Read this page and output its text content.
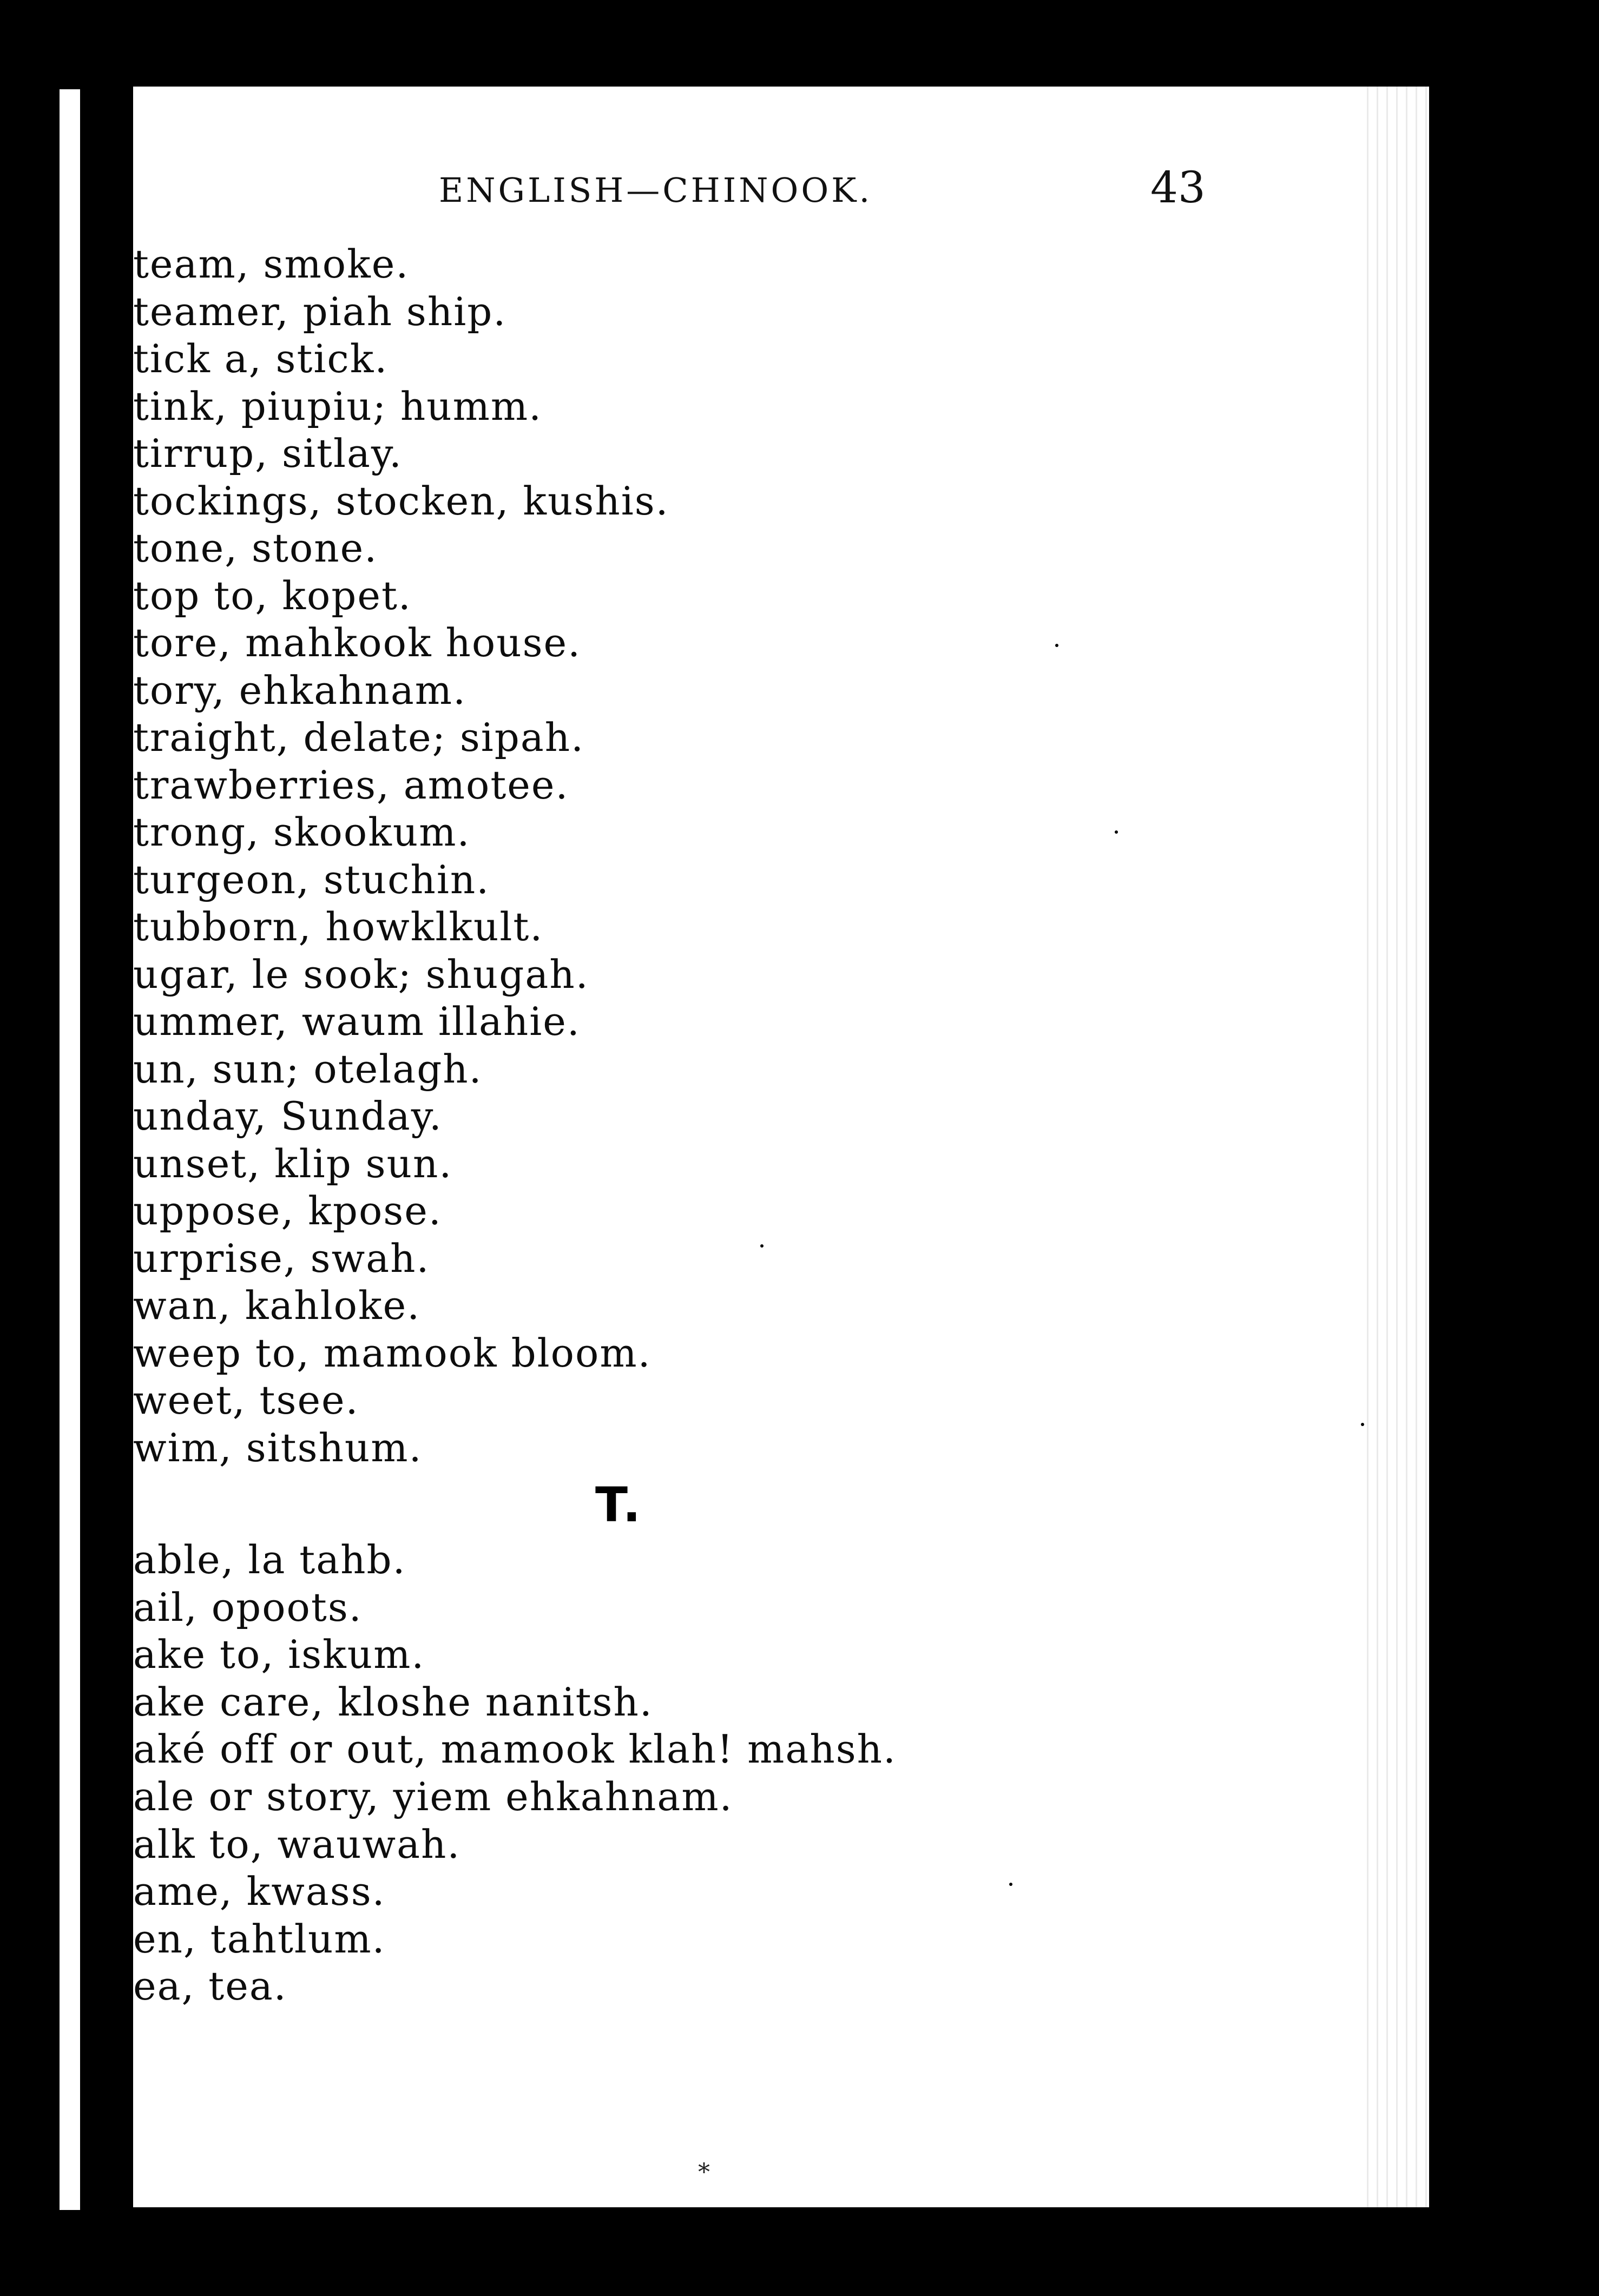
ENGLISH—CHINOOK.	43
team, smoke.
teamer, piah ship.
tick a, stick.
tink, piupiu; humm.
tirrup, sitlay.
tockings, stocken, kushis.
tone, stone.
top to, kopet.
tore, mahkook house.
tory, ehkahnam.
traight, delate; sipah.
trawberries, amotee.
trong, skookum.
turgeon, stuchin.
tubborn, howklkult.
ugar, le sook; shugah.
ummer, waum illahie.
un, sun; otelagh.
unday, Sunday.
unset, klip sun.
uppose, kpose.
urprise, swah.
wan, kahloke.
weep to, mamook bloom.
weet, tsee.
wim, sitshum.
T.
able, la tahb.
ail, opoots.
ake to, iskum.
ake care, kloshe nanitsh.
aké off or out, mamook klah! mahsh.
ale or story, yiem ehkahnam.
alk to, wauwah.
ame, kwass.
en, tahtlum.
ea, tea.
*
